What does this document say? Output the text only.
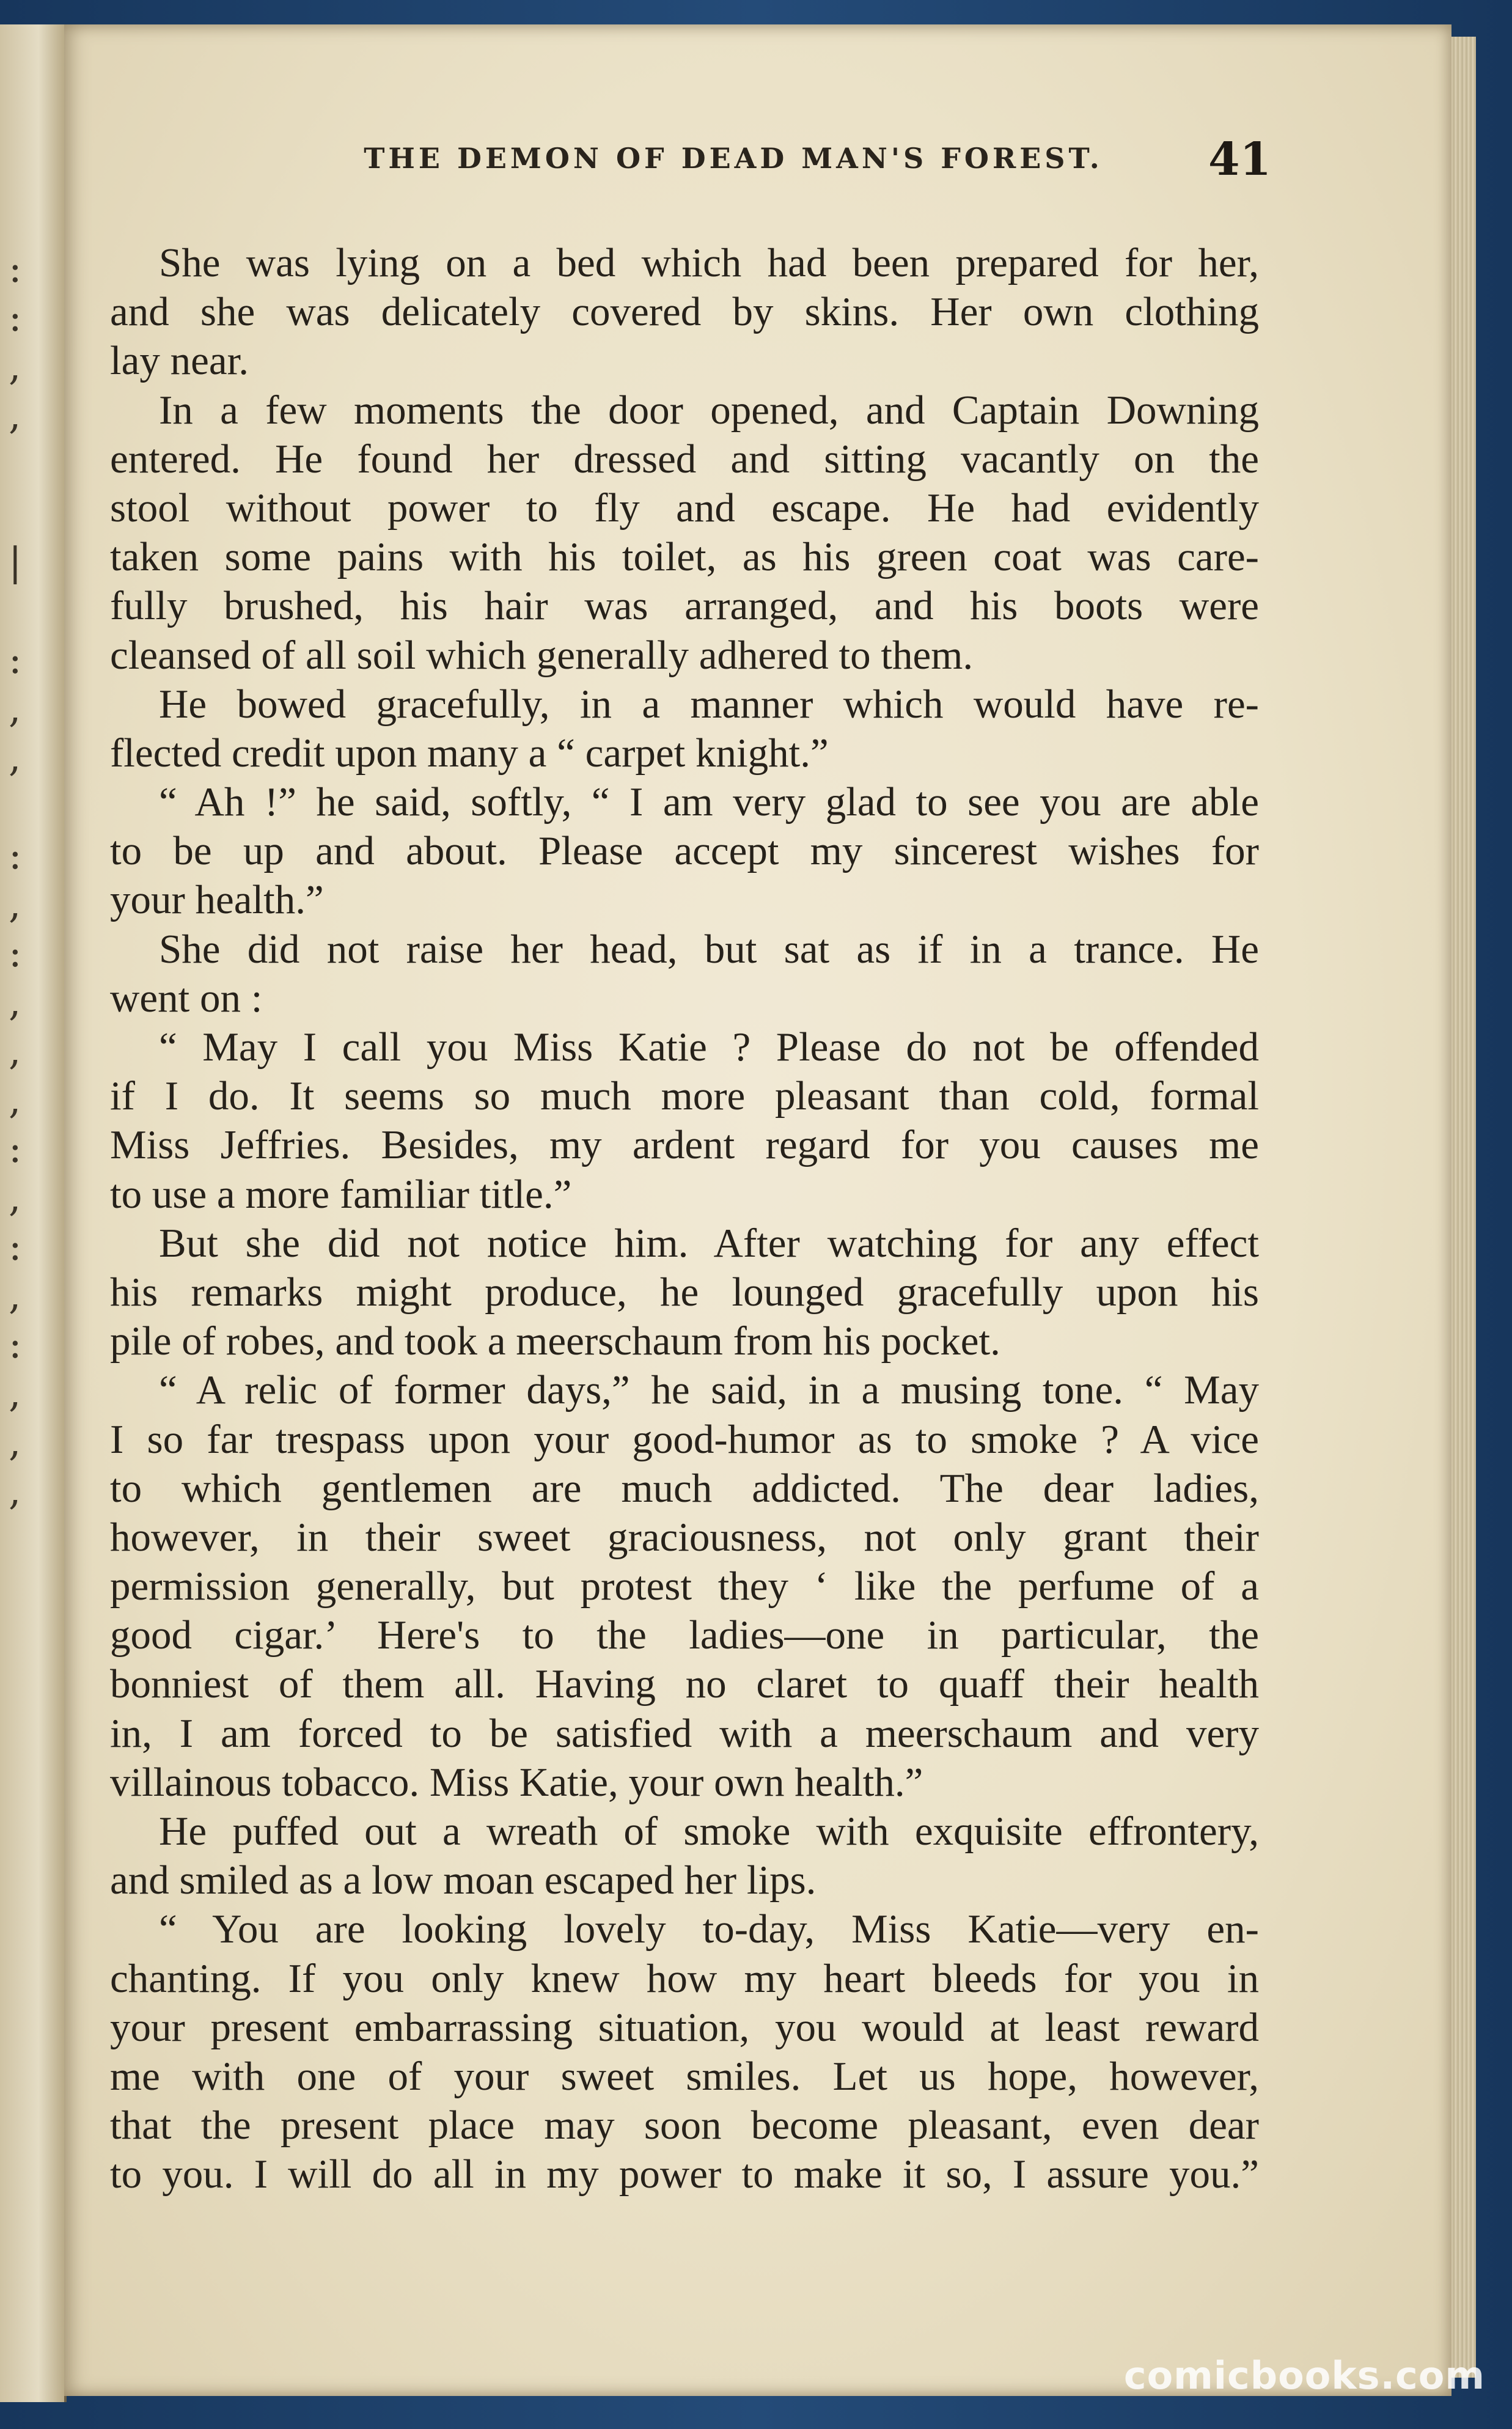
:
:
,
,

|

:
,
,

:
,
:
,
,
,
:
,
:
,
:
,
,
,
THE DEMON OF DEAD MAN'S FOREST.	41
She was lying on a bed which had been prepared for her,
and she was delicately covered by skins. Her own clothing
lay near.
In a few moments the door opened, and Captain Downing
entered. He found her dressed and sitting vacantly on the
stool without power to fly and escape. He had evidently
taken some pains with his toilet, as his green coat was care-
fully brushed, his hair was arranged, and his boots were
cleansed of all soil which generally adhered to them.
He bowed gracefully, in a manner which would have re-
flected credit upon many a “ carpet knight.”
“ Ah !” he said, softly, “ I am very glad to see you are able
to be up and about. Please accept my sincerest wishes for
your health.”
She did not raise her head, but sat as if in a trance. He
went on :
“ May I call you Miss Katie ? Please do not be offended
if I do. It seems so much more pleasant than cold, formal
Miss Jeffries. Besides, my ardent regard for you causes me
to use a more familiar title.”
But she did not notice him. After watching for any effect
his remarks might produce, he lounged gracefully upon his
pile of robes, and took a meerschaum from his pocket.
“ A relic of former days,” he said, in a musing tone. “ May
I so far trespass upon your good-humor as to smoke ? A vice
to which gentlemen are much addicted. The dear ladies,
however, in their sweet graciousness, not only grant their
permission generally, but protest they ‘ like the perfume of a
good cigar.’ Here's to the ladies—one in particular, the
bonniest of them all. Having no claret to quaff their health
in, I am forced to be satisfied with a meerschaum and very
villainous tobacco. Miss Katie, your own health.”
He puffed out a wreath of smoke with exquisite effrontery,
and smiled as a low moan escaped her lips.
“ You are looking lovely to-day, Miss Katie—very en-
chanting. If you only knew how my heart bleeds for you in
your present embarrassing situation, you would at least reward
me with one of your sweet smiles. Let us hope, however,
that the present place may soon become pleasant, even dear
to you. I will do all in my power to make it so, I assure you.”
comicbooks.com
